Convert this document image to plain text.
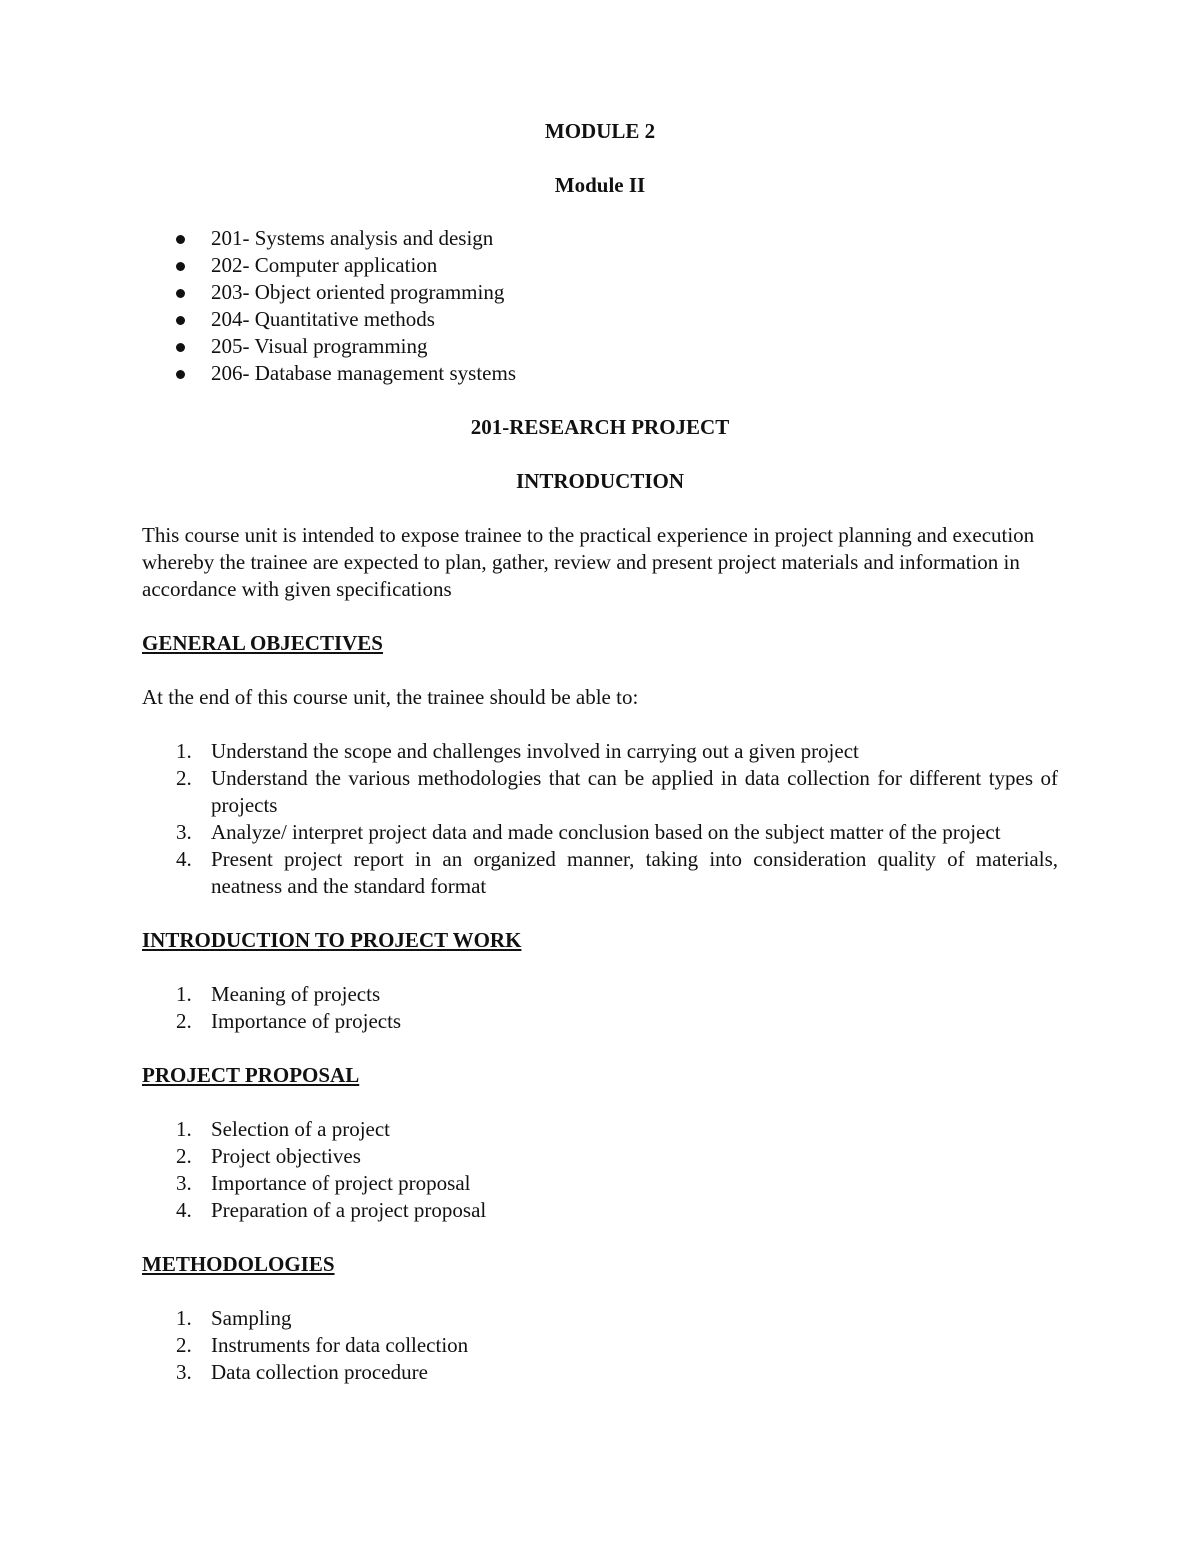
MODULE 2

Module II

201- Systems analysis and design
202- Computer application
203- Object oriented programming
204- Quantitative methods
205- Visual programming
206- Database management systems

201-RESEARCH PROJECT

INTRODUCTION

This course unit is intended to expose trainee to the practical experience in project planning and execution whereby the trainee are expected to plan, gather, review and present project materials and information in accordance with given specifications

GENERAL OBJECTIVES

At the end of this course unit, the trainee should be able to:

1. Understand the scope and challenges involved in carrying out a given project
2. Understand the various methodologies that can be applied in data collection for different types of projects
3. Analyze/ interpret project data and made conclusion based on the subject matter of the project
4. Present project report in an organized manner, taking into consideration quality of materials, neatness and the standard format

INTRODUCTION TO PROJECT WORK

1. Meaning of projects
2. Importance of projects

PROJECT PROPOSAL

1. Selection of a project
2. Project objectives
3. Importance of project proposal
4. Preparation of a project proposal

METHODOLOGIES

1. Sampling
2. Instruments for data collection
3. Data collection procedure
